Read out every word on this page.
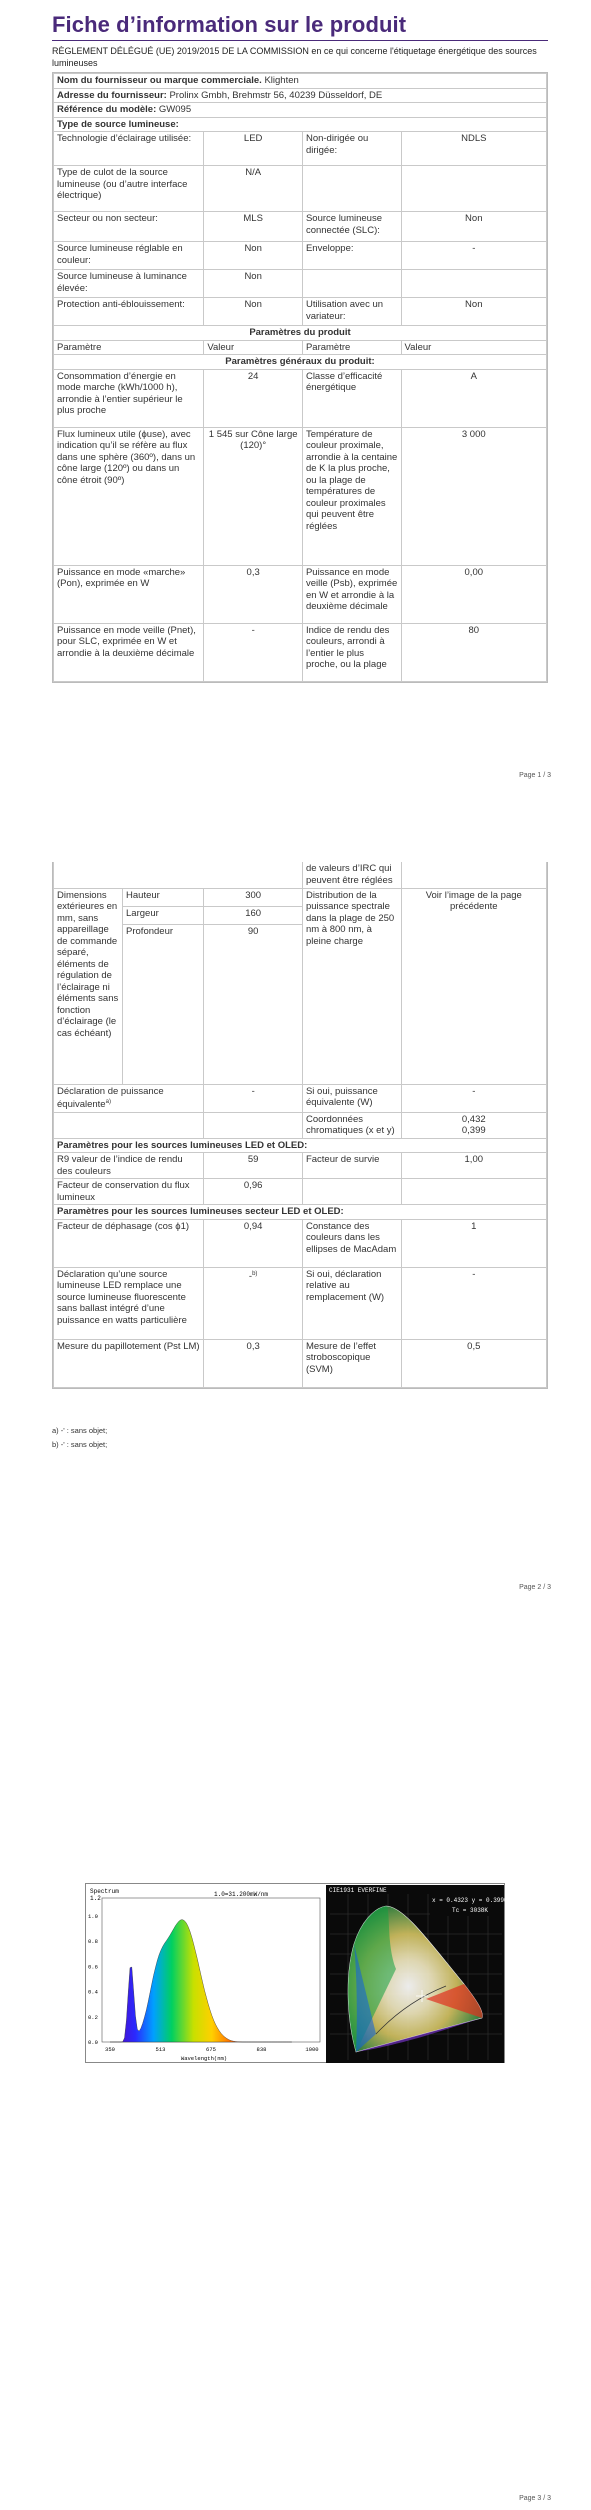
Fiche d’information sur le produit
RÈGLEMENT DÉLÉGUÉ (UE) 2019/2015 DE LA COMMISSION en ce qui concerne l'étiquetage énergétique des sources lumineuses
Nom du fournisseur ou marque commerciale. Klighten			
Adresse du fournisseur: Prolinx Gmbh, Brehmstr 56, 40239 Düsseldorf, DE			
Référence du modèle: GW095			
Type de source lumineuse:			
Technologie d’éclairage utilisée:	LED	Non-dirigée ou dirigée:	NDLS
Type de culot de la source lumineuse (ou d’autre interface électrique)	N/A		
Secteur ou non secteur:	MLS	Source lumineuse connectée (SLC):	Non
Source lumineuse réglable en couleur:	Non	Enveloppe:	-
Source lumineuse à luminance élevée:	Non		
Protection anti-éblouissement:	Non	Utilisation avec un variateur:	Non
Paramètres du produit			
Paramètre	Valeur	Paramètre	Valeur
Paramètres généraux du produit:			
Consommation d’énergie en mode marche (kWh/1000 h), arrondie à l’entier supérieur le plus proche	24	Classe d’efficacité énergétique	A
Flux lumineux utile (ϕuse), avec indication qu’il se réfère au flux dans une sphère (360º), dans un cône large (120º) ou dans un cône étroit (90º)	1 545 sur Cône large (120)°	Température de couleur proximale, arrondie à la centaine de K la plus proche, ou la plage de températures de couleur proximales qui peuvent être réglées	3 000
Puissance en mode «marche» (Pon), exprimée en W	0,3	Puissance en mode veille (Psb), exprimée en W et arrondie à la deuxième décimale	0,00
Puissance en mode veille (Pnet), pour SLC, exprimée en W et arrondie à la deuxième décimale	-	Indice de rendu des couleurs, arrondi à l’entier le plus proche, ou la plage	80
Page 1 / 3
			de valeurs d’IRC qui peuvent être réglées	
Dimensions extérieures en mm, sans appareillage de commande séparé, éléments de régulation de l’éclairage ni éléments sans fonction d’éclairage (le cas échéant)	Hauteur	300	Distribution de la puissance spectrale dans la plage de 250 nm à 800 nm, à pleine charge	Voir l’image de la page précédente
	Largeur	160		
	Profondeur	90		
Déclaration de puissance équivalente$^{a)}$		-	Si oui, puissance équivalente (W)	-
			Coordonnées chromatiques (x et y)	0,432
0,399

Paramètres pour les sources lumineuses LED et OLED:				
R9 valeur de l’indice de rendu des couleurs		59	Facteur de survie	1,00
Facteur de conservation du flux lumineux		0,96		
Paramètres pour les sources lumineuses secteur LED et OLED:				
Facteur de déphasage (cos ϕ1)		0,94	Constance des couleurs dans les ellipses de MacAdam	1
Déclaration qu’une source lumineuse LED remplace une source lumineuse fluorescente sans ballast intégré d’une puissance en watts particulière		-$^{b)}$	Si oui, déclaration relative au remplacement (W)	-
Mesure du papillotement (Pst LM)		0,3	Mesure de l’effet stroboscopique (SVM)	0,5
a) -' : sans objet;
b) -' : sans objet;
Page 2 / 3
Spectrum
1.2
1.0=31.200mW/nm
1.0
0.8
0.6
0.4
0.2
0.0
350	513	675	838	1000
Wavelength(nm)
CIE1931 EVERFINE
x = 0.4323 y = 0.3990
Tc = 3038K
Page 3 / 3
